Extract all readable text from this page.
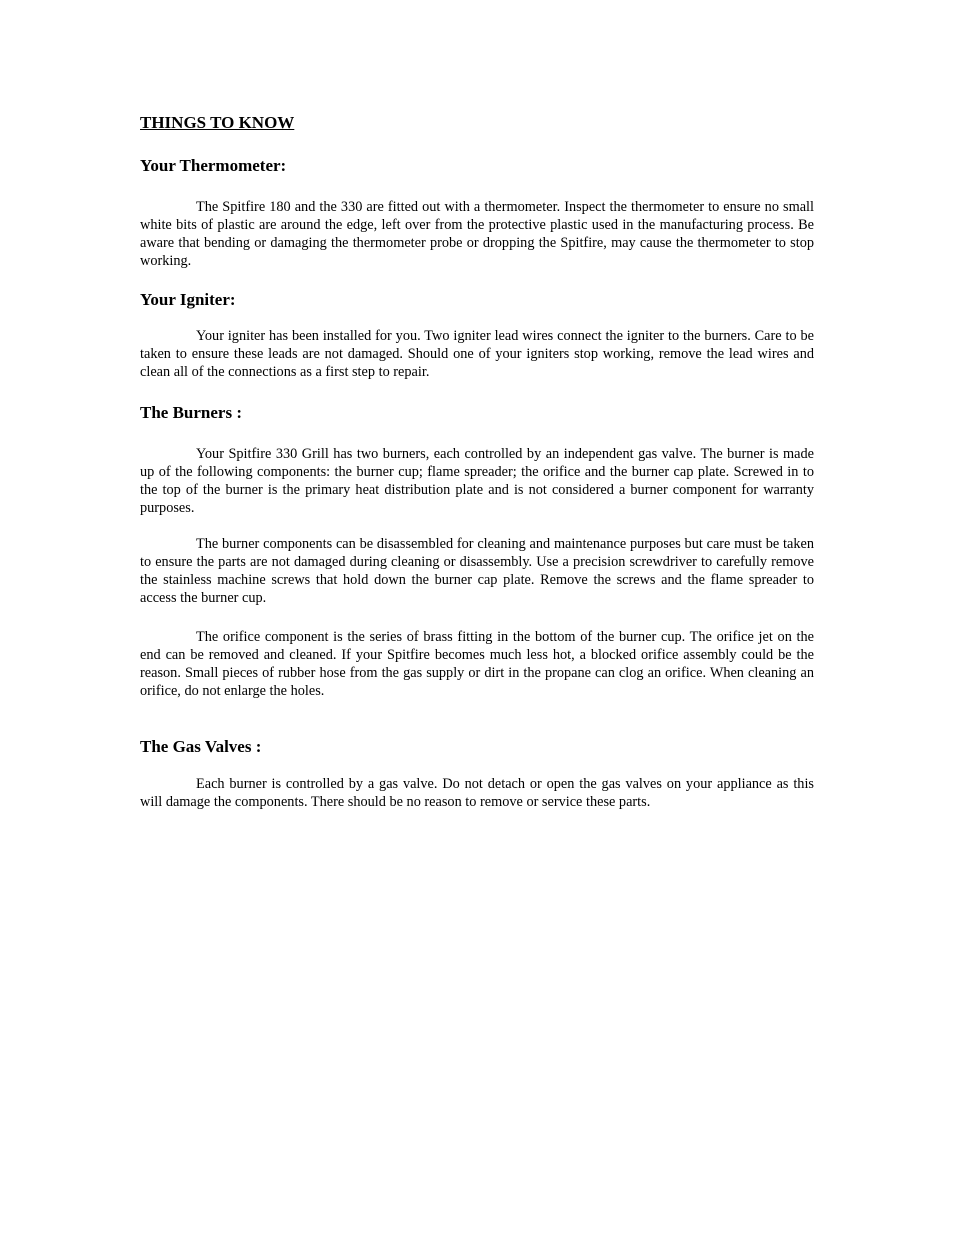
THINGS TO KNOW
Your Thermometer:

The Spitfire 180 and the 330 are fitted out with a thermometer. Inspect the thermometer to ensure no small white bits of plastic are around the edge, left over from the protective plastic used in the manufacturing process. Be aware that bending or damaging the thermometer probe or dropping the Spitfire, may cause the thermometer to stop working.

Your Igniter:

Your igniter has been installed for you. Two igniter lead wires connect the igniter to the burners. Care to be taken to ensure these leads are not damaged. Should one of your igniters stop working, remove the lead wires and clean all of the connections as a first step to repair.

The Burners :

Your Spitfire 330 Grill has two burners, each controlled by an independent gas valve. The burner is made up of the following components: the burner cup; flame spreader; the orifice and the burner cap plate. Screwed in to the top of the burner is the primary heat distribution plate and is not considered a burner component for warranty purposes.

The burner components can be disassembled for cleaning and maintenance purposes but care must be taken to ensure the parts are not damaged during cleaning or disassembly. Use a precision screwdriver to carefully remove the stainless machine screws that hold down the burner cap plate. Remove the screws and the flame spreader to access the burner cup.

The orifice component is the series of brass fitting in the bottom of the burner cup. The orifice jet on the end can be removed and cleaned. If your Spitfire becomes much less hot, a blocked orifice assembly could be the reason. Small pieces of rubber hose from the gas supply or dirt in the propane can clog an orifice. When cleaning an orifice, do not enlarge the holes.

The Gas Valves :

Each burner is controlled by a gas valve. Do not detach or open the gas valves on your appliance as this will damage the components. There should be no reason to remove or service these parts.
